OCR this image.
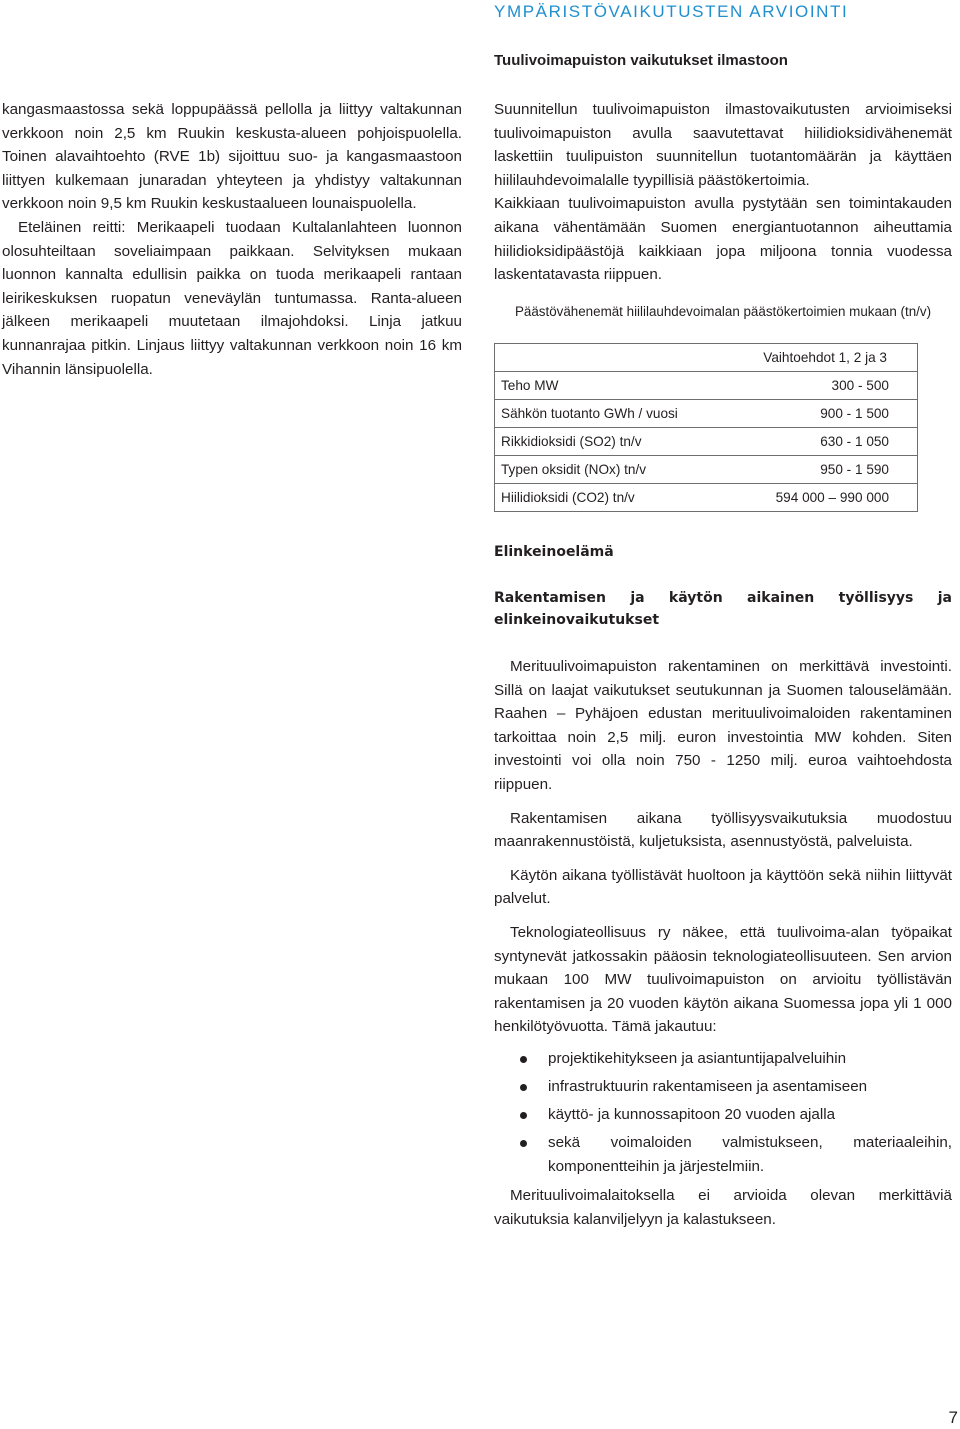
YMPÄRISTÖVAIKUTUSTEN ARVIOINTI
Tuulivoimapuiston vaikutukset ilmastoon

kangasmaastossa sekä loppupäässä pellolla ja liittyy valtakunnan verkkoon noin 2,5 km Ruukin keskusta-alueen pohjoispuolella. Toinen alavaihtoehto (RVE 1b) sijoittuu suo- ja kangasmaastoon liittyen kulkemaan junaradan yhteyteen ja yhdistyy valtakunnan verkkoon noin 9,5 km Ruukin keskustaalueen lounaispuolella.

Eteläinen reitti: Merikaapeli tuodaan Kultalanlahteen luonnon olosuhteiltaan soveliaimpaan paikkaan. Selvityksen mukaan luonnon kannalta edullisin paikka on tuoda merikaapeli rantaan leirikeskuksen ruopatun veneväylän tuntumassa. Ranta-alueen jälkeen merikaapeli muutetaan ilmajohdoksi. Linja jatkuu kunnanrajaa pitkin. Linjaus liittyy valtakunnan verkkoon noin 16 km Vihannin länsipuolella.

Suunnitellun tuulivoimapuiston ilmastovaikutusten arvioimiseksi tuulivoimapuiston avulla saavutettavat hiilidioksidivähenemät laskettiin tuulipuiston suunnitellun tuotantomäärän ja käyttäen hiililauhdevoimalalle tyypillisiä päästökertoimia.

Kaikkiaan tuulivoimapuiston avulla pystytään sen toimintakauden aikana vähentämään Suomen energiantuotannon aiheuttamia hiilidioksidipäästöjä kaikkiaan jopa miljoona tonnia vuodessa laskentatavasta riippuen.

Päästövähenemät hiililauhdevoimalan päästökertoimien mukaan (tn/v)

	Vaihtoehdot 1, 2 ja 3
Teho MW	300 - 500
Sähkön tuotanto GWh / vuosi	900 - 1 500
Rikkidioksidi (SO2) tn/v	630 - 1 050
Typen oksidit (NOx) tn/v	950 - 1 590
Hiilidioksidi (CO2) tn/v	594 000 – 990 000
Elinkeinoelämä
Rakentamisen ja käytön aikainen työllisyys ja elinkeinovaikutukset

Merituulivoimapuiston rakentaminen on merkittävä investointi. Sillä on laajat vaikutukset seutukunnan ja Suomen talouselämään. Raahen – Pyhäjoen edustan merituulivoimaloiden rakentaminen tarkoittaa noin 2,5 milj. euron investointia MW kohden. Siten investointi voi olla noin 750 - 1250 milj. euroa vaihtoehdosta riippuen.

Rakentamisen aikana työllisyysvaikutuksia muodostuu maanrakennustöistä, kuljetuksista, asennustyöstä, palveluista.

Käytön aikana työllistävät huoltoon ja käyttöön sekä niihin liittyvät palvelut.

Teknologiateollisuus ry näkee, että tuulivoima-alan työpaikat syntynevät jatkossakin pääosin teknologiateollisuuteen. Sen arvion mukaan 100 MW tuulivoimapuiston on arvioitu työllistävän rakentamisen ja 20 vuoden käytön aikana Suomessa jopa yli 1 000 henkilötyövuotta. Tämä jakautuu:

projektikehitykseen ja asiantuntijapalveluihin
infrastruktuurin rakentamiseen ja asentamiseen
käyttö- ja kunnossapitoon 20 vuoden ajalla
sekä voimaloiden valmistukseen, materiaaleihin, komponentteihin ja järjestelmiin.

Merituulivoimalaitoksella ei arvioida olevan merkittäviä vaikutuksia kalanviljelyyn ja kalastukseen.

7
